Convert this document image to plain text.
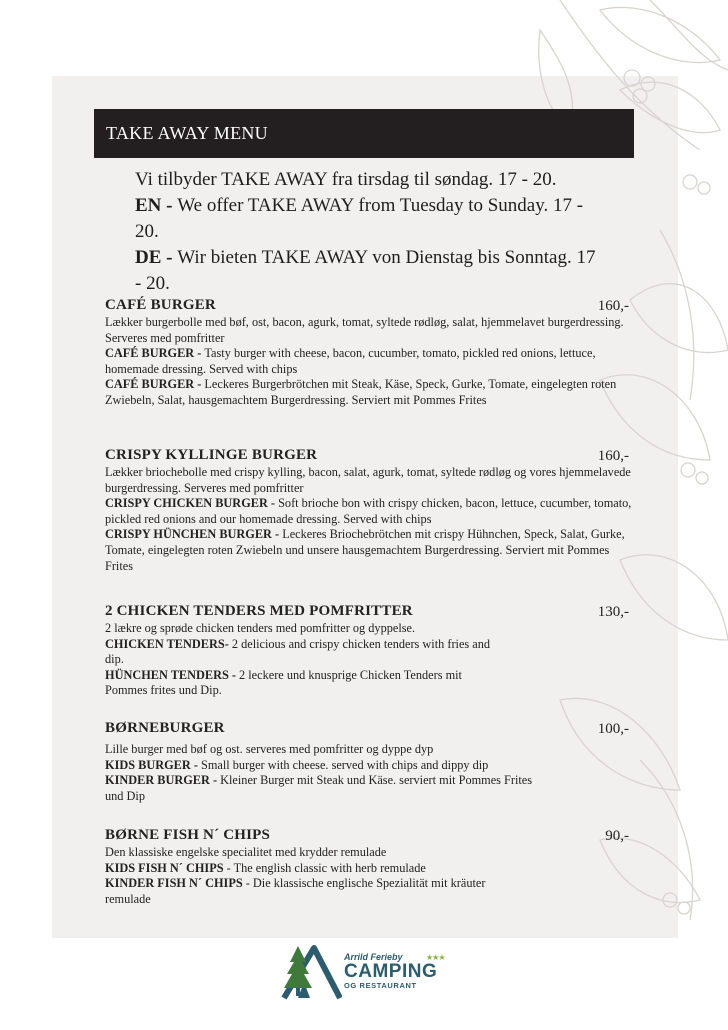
TAKE AWAY MENU

Vi tilbyder TAKE AWAY fra tirsdag til søndag. 17 - 20.

EN - We offer TAKE AWAY from Tuesday to Sunday. 17 - 20.

DE - Wir bieten TAKE AWAY von Dienstag bis Sonntag. 17 - 20.

CAFÉ BURGER	160,-

Lækker burgerbolle med bøf, ost, bacon, agurk, tomat, syltede rødløg, salat, hjemmelavet burgerdressing. Serveres med pomfritter

CAFÉ BURGER - Tasty burger with cheese, bacon, cucumber, tomato, pickled red onions, lettuce, homemade dressing. Served with chips

CAFÉ BURGER - Leckeres Burgerbrötchen mit Steak, Käse, Speck, Gurke, Tomate, eingelegten roten Zwiebeln, Salat, hausgemachtem Burgerdressing. Serviert mit Pommes Frites

CRISPY KYLLINGE BURGER	160,-

Lækker briochebolle med crispy kylling, bacon, salat, agurk, tomat, syltede rødløg og vores hjemmelavede burgerdressing. Serveres med pomfritter

CRISPY CHICKEN BURGER - Soft brioche bon with crispy chicken, bacon, lettuce, cucumber, tomato, pickled red onions and our homemade dressing. Served with chips

CRISPY HÜNCHEN BURGER - Leckeres Briochebrötchen mit crispy Hühnchen, Speck, Salat, Gurke, Tomate, eingelegten roten Zwiebeln und unsere hausgemachtem Burgerdressing. Serviert mit Pommes Frites

2 CHICKEN TENDERS MED POMFRITTER	130,-

2 lækre og sprøde chicken tenders med pomfritter og dyppelse.

CHICKEN TENDERS- 2 delicious and crispy chicken tenders with fries and dip.

HÜNCHEN TENDERS - 2 leckere und knusprige Chicken Tenders mit Pommes frites und Dip.

BØRNEBURGER	100,-

Lille burger med bøf og ost. serveres med pomfritter og dyppe dyp

KIDS BURGER - Small burger with cheese. served with chips and dippy dip

KINDER BURGER - Kleiner Burger mit Steak und Käse. serviert mit Pommes Frites und Dip

BØRNE FISH N´ CHIPS	90,-

Den klassiske engelske specialitet med krydder remulade

KIDS FISH N´ CHIPS - The english classic with herb remulade

KINDER FISH N´ CHIPS - Die klassische englische Spezialität mit kräuter remulade

Arrild Ferieby
CAMPING
OG RESTAURANT
★★★
